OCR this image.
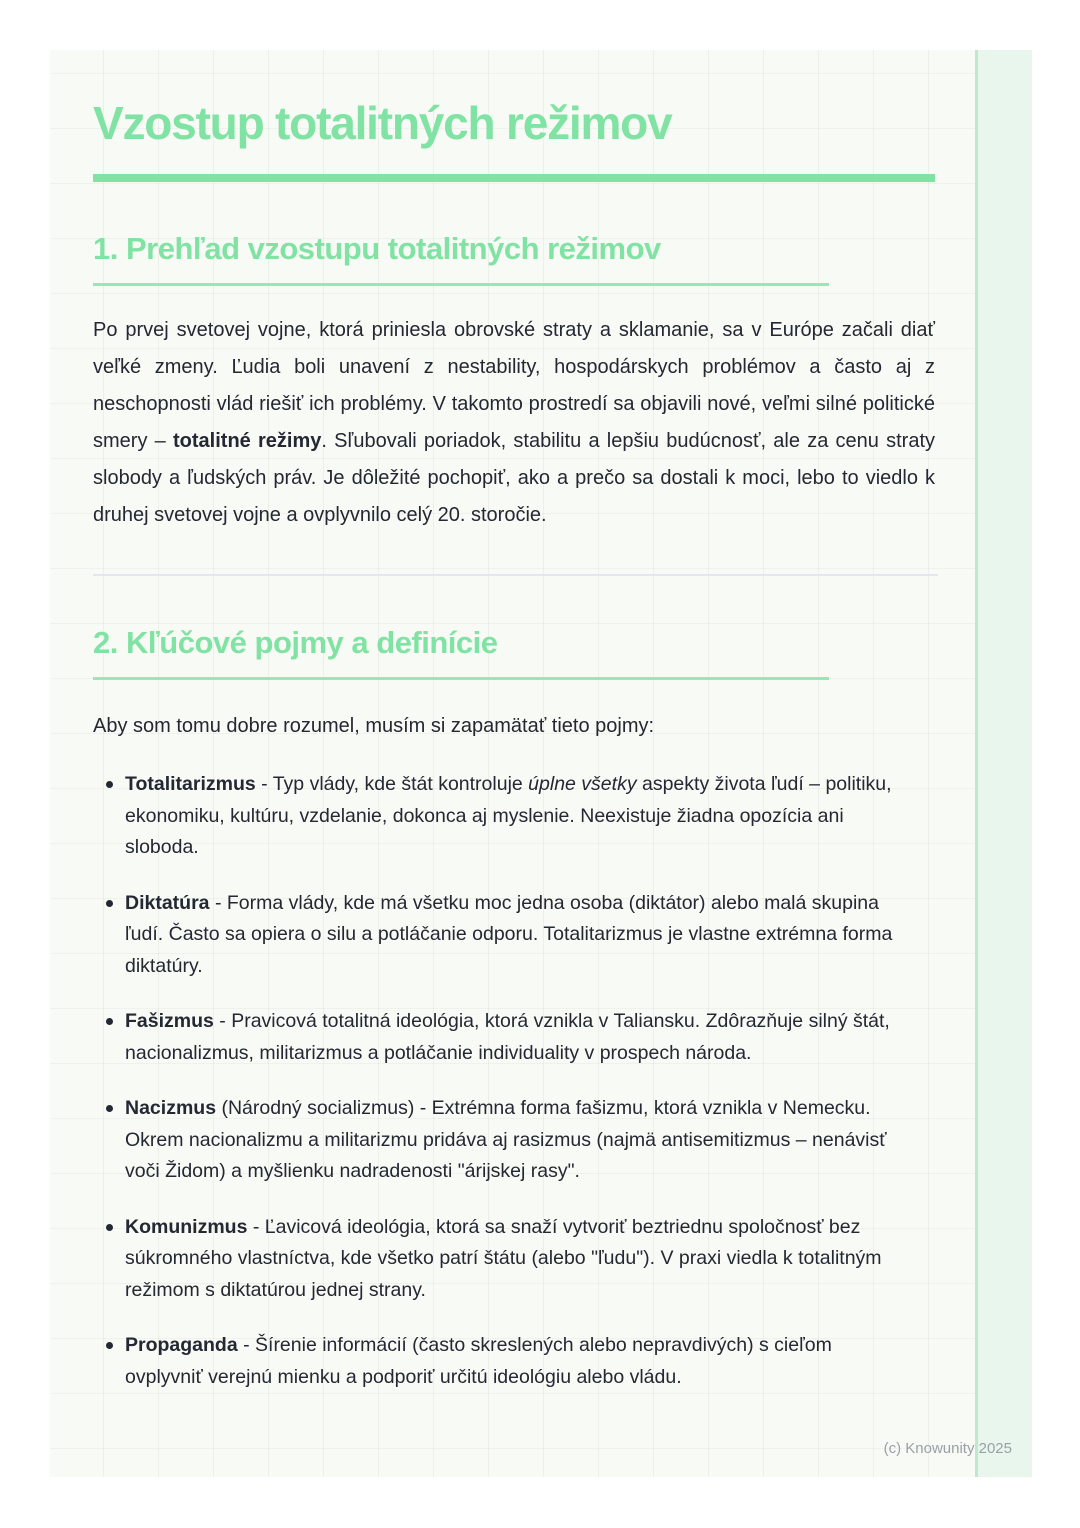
Vzostup totalitných režimov
1. Prehľad vzostupu totalitných režimov

Po prvej svetovej vojne, ktorá priniesla obrovské straty a sklamanie, sa v Európe začali diať veľké zmeny. Ľudia boli unavení z nestability, hospodárskych problémov a často aj z neschopnosti vlád riešiť ich problémy. V takomto prostredí sa objavili nové, veľmi silné politické smery – totalitné režimy. Sľubovali poriadok, stabilitu a lepšiu budúcnosť, ale za cenu straty slobody a ľudských práv. Je dôležité pochopiť, ako a prečo sa dostali k moci, lebo to viedlo k druhej svetovej vojne a ovplyvnilo celý 20. storočie.

2. Kľúčové pojmy a definície

Aby som tomu dobre rozumel, musím si zapamätať tieto pojmy:

Totalitarizmus - Typ vlády, kde štát kontroluje úplne všetky aspekty života ľudí – politiku, ekonomiku, kultúru, vzdelanie, dokonca aj myslenie. Neexistuje žiadna opozícia ani sloboda.
Diktatúra - Forma vlády, kde má všetku moc jedna osoba (diktátor) alebo malá skupina ľudí. Často sa opiera o silu a potláčanie odporu. Totalitarizmus je vlastne extrémna forma diktatúry.
Fašizmus - Pravicová totalitná ideológia, ktorá vznikla v Taliansku. Zdôrazňuje silný štát, nacionalizmus, militarizmus a potláčanie individuality v prospech národa.
Nacizmus (Národný socializmus) - Extrémna forma fašizmu, ktorá vznikla v Nemecku. Okrem nacionalizmu a militarizmu pridáva aj rasizmus (najmä antisemitizmus – nenávisť voči Židom) a myšlienku nadradenosti "árijskej rasy".
Komunizmus - Ľavicová ideológia, ktorá sa snaží vytvoriť beztriednu spoločnosť bez súkromného vlastníctva, kde všetko patrí štátu (alebo "ľudu"). V praxi viedla k totalitným režimom s diktatúrou jednej strany.
Propaganda - Šírenie informácií (často skreslených alebo nepravdivých) s cieľom ovplyvniť verejnú mienku a podporiť určitú ideológiu alebo vládu.
(c) Knowunity 2025
